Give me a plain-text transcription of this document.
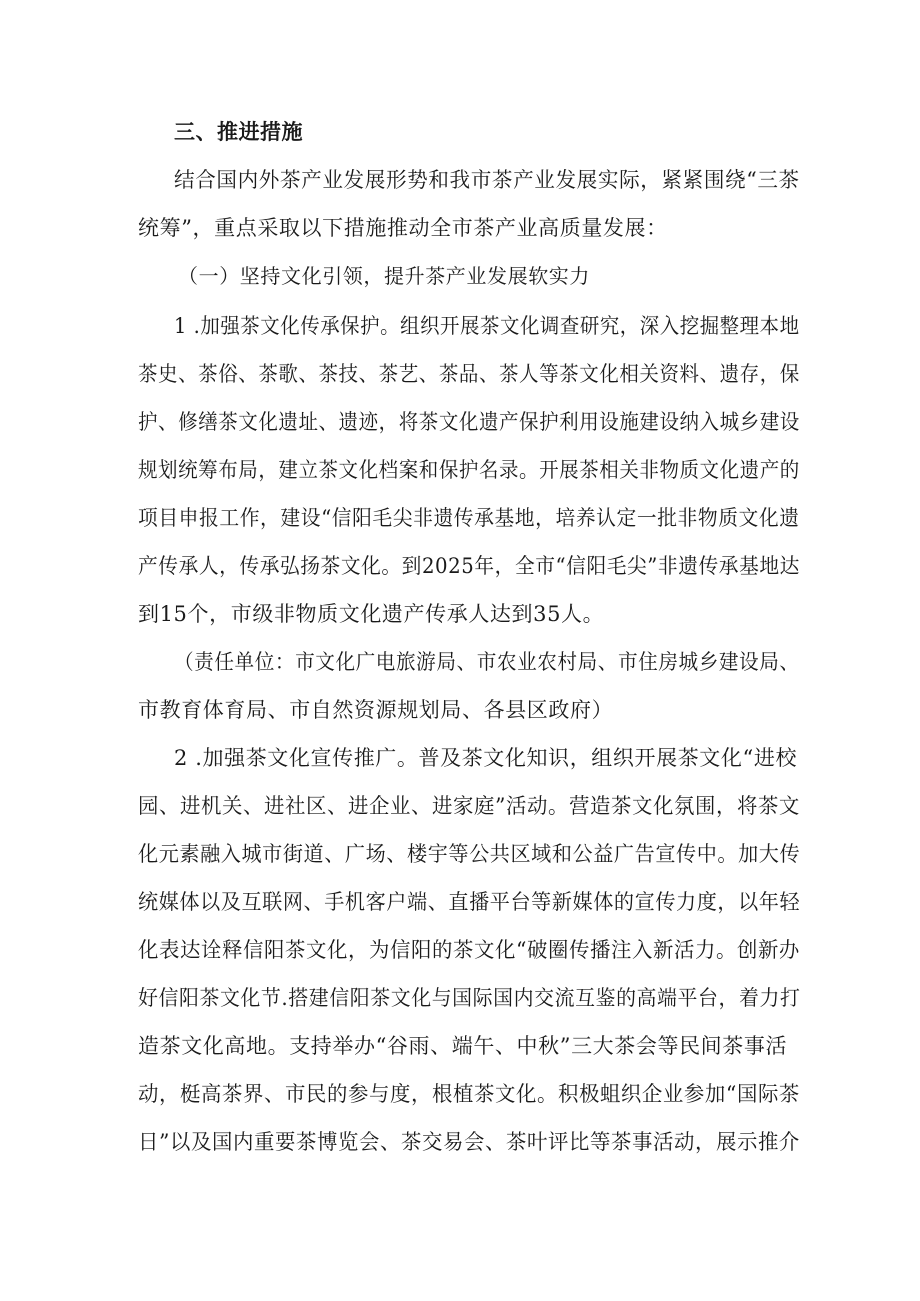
三、推进措施
结合国内外茶产业发展形势和我市茶产业发展实际，紧紧围绕“三茶
统筹”，重点采取以下措施推动全市茶产业高质量发展：
（一）坚持文化引领，提升茶产业发展软实力
1 .加强茶文化传承保护。组织开展茶文化调查研究，深入挖掘整理本地
茶史、茶俗、茶歌、茶技、茶艺、茶品、茶人等茶文化相关资料、遗存，保
护、修缮茶文化遗址、遗迹，将茶文化遗产保护利用设施建设纳入城乡建设
规划统筹布局，建立茶文化档案和保护名录。开展茶相关非物质文化遗产的
项目申报工作，建设“信阳毛尖非遗传承基地，培养认定一批非物质文化遗
产传承人，传承弘扬茶文化。到2025年，全市“信阳毛尖”非遗传承基地达
到15个，市级非物质文化遗产传承人达到35人。
（责任单位：市文化广电旅游局、市农业农村局、市住房城乡建设局、
市教育体育局、市自然资源规划局、各县区政府）
2 .加强茶文化宣传推广。普及茶文化知识，组织开展茶文化“进校
园、进机关、进社区、进企业、进家庭”活动。营造茶文化氛围，将茶文
化元素融入城市街道、广场、楼宇等公共区域和公益广告宣传中。加大传
统媒体以及互联网、手机客户端、直播平台等新媒体的宣传力度，以年轻
化表达诠释信阳茶文化，为信阳的茶文化“破圈传播注入新活力。创新办
好信阳茶文化节.搭建信阳茶文化与国际国内交流互鉴的高端平台，着力打
造茶文化高地。支持举办“谷雨、端午、中秋”三大茶会等民间茶事活
动，梃高茶界、市民的参与度，根植茶文化。积极蛆织企业参加“国际茶
日”以及国内重要茶博览会、茶交易会、茶叶评比等茶事活动，展示推介
